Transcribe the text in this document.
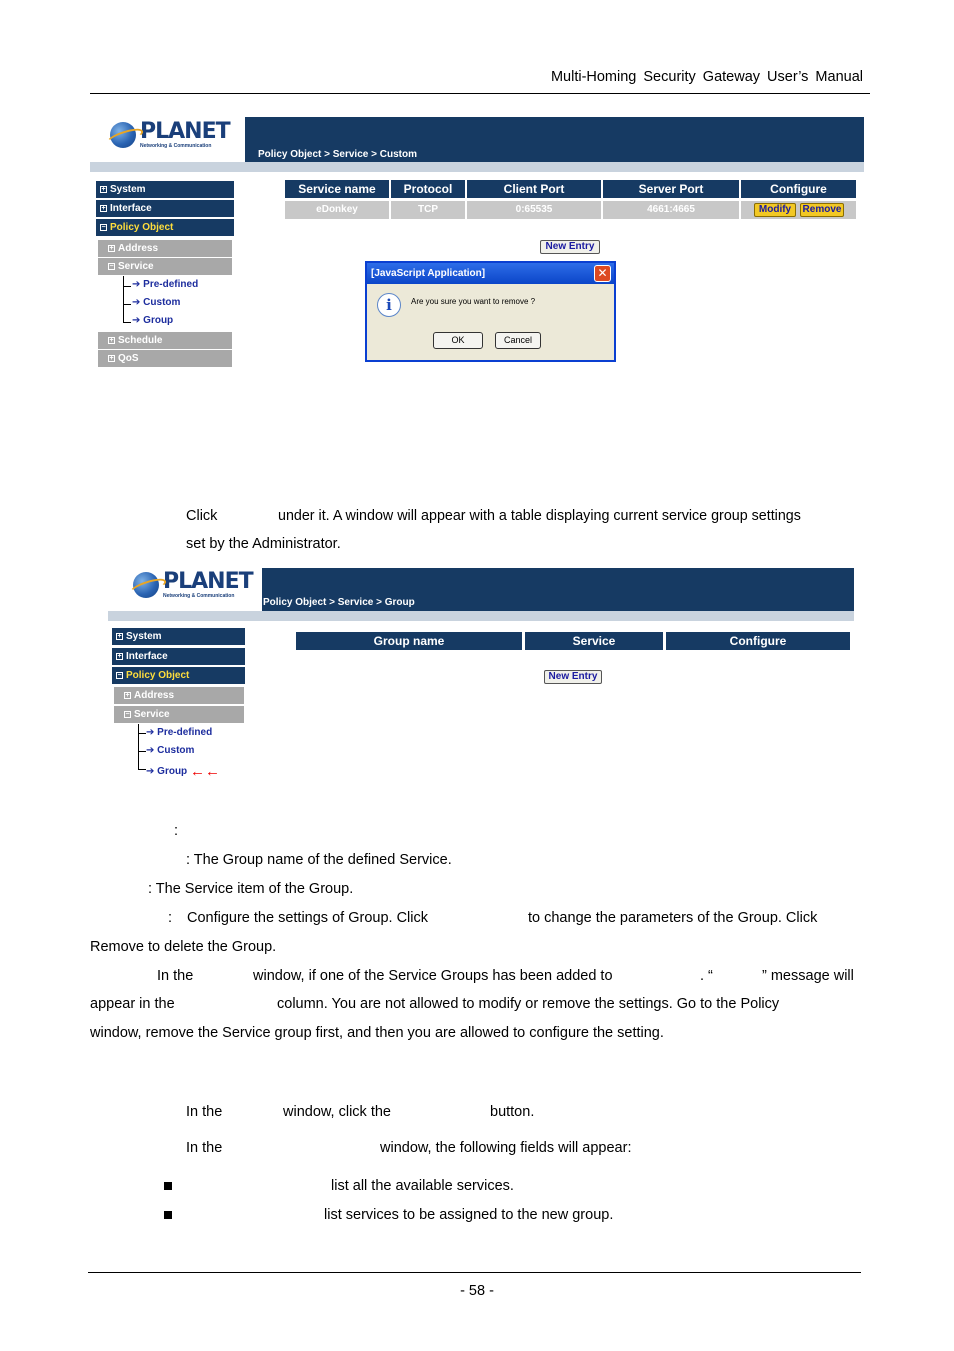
Multi-Homing Security Gateway User’s Manual
PLANET
Networking & Communication
Policy Object > Service > Custom
+ System
+ Interface
− Policy Object
+ Address
− Service
➔
Pre-defined
➔
Custom
➔
Group
+ Schedule
+ QoS
Service name	Protocol	Client Port	Server Port	Configure
eDonkey	TCP	0:65535	4661:4665	Modify	Remove
New Entry
[JavaScript Application]	✕
i	Are you sure you want to remove ?
OK	Cancel
Click	under it. A window will appear with a table displaying current service group settings
set by the Administrator.
PLANET
Networking & Communication
Policy Object > Service > Group
+ System
+ Interface
− Policy Object
+ Address
− Service
➔
Pre-defined
➔
Custom
➔
Group
←←
Group name	Service	Configure
New Entry
:
: The Group name of the defined Service.
: The Service item of the Group.
: Configure the settings of Group. Click	to change the parameters of the Group. Click
Remove to delete the Group.
In the	window, if one of the Service Groups has been added to	. “	” message will
appear in the	column. You are not allowed to modify or remove the settings. Go to the Policy
window, remove the Service group first, and then you are allowed to configure the setting.
In the	window, click the	button.
In the	window, the following fields will appear:
list all the available services.
list services to be assigned to the new group.
- 58 -
